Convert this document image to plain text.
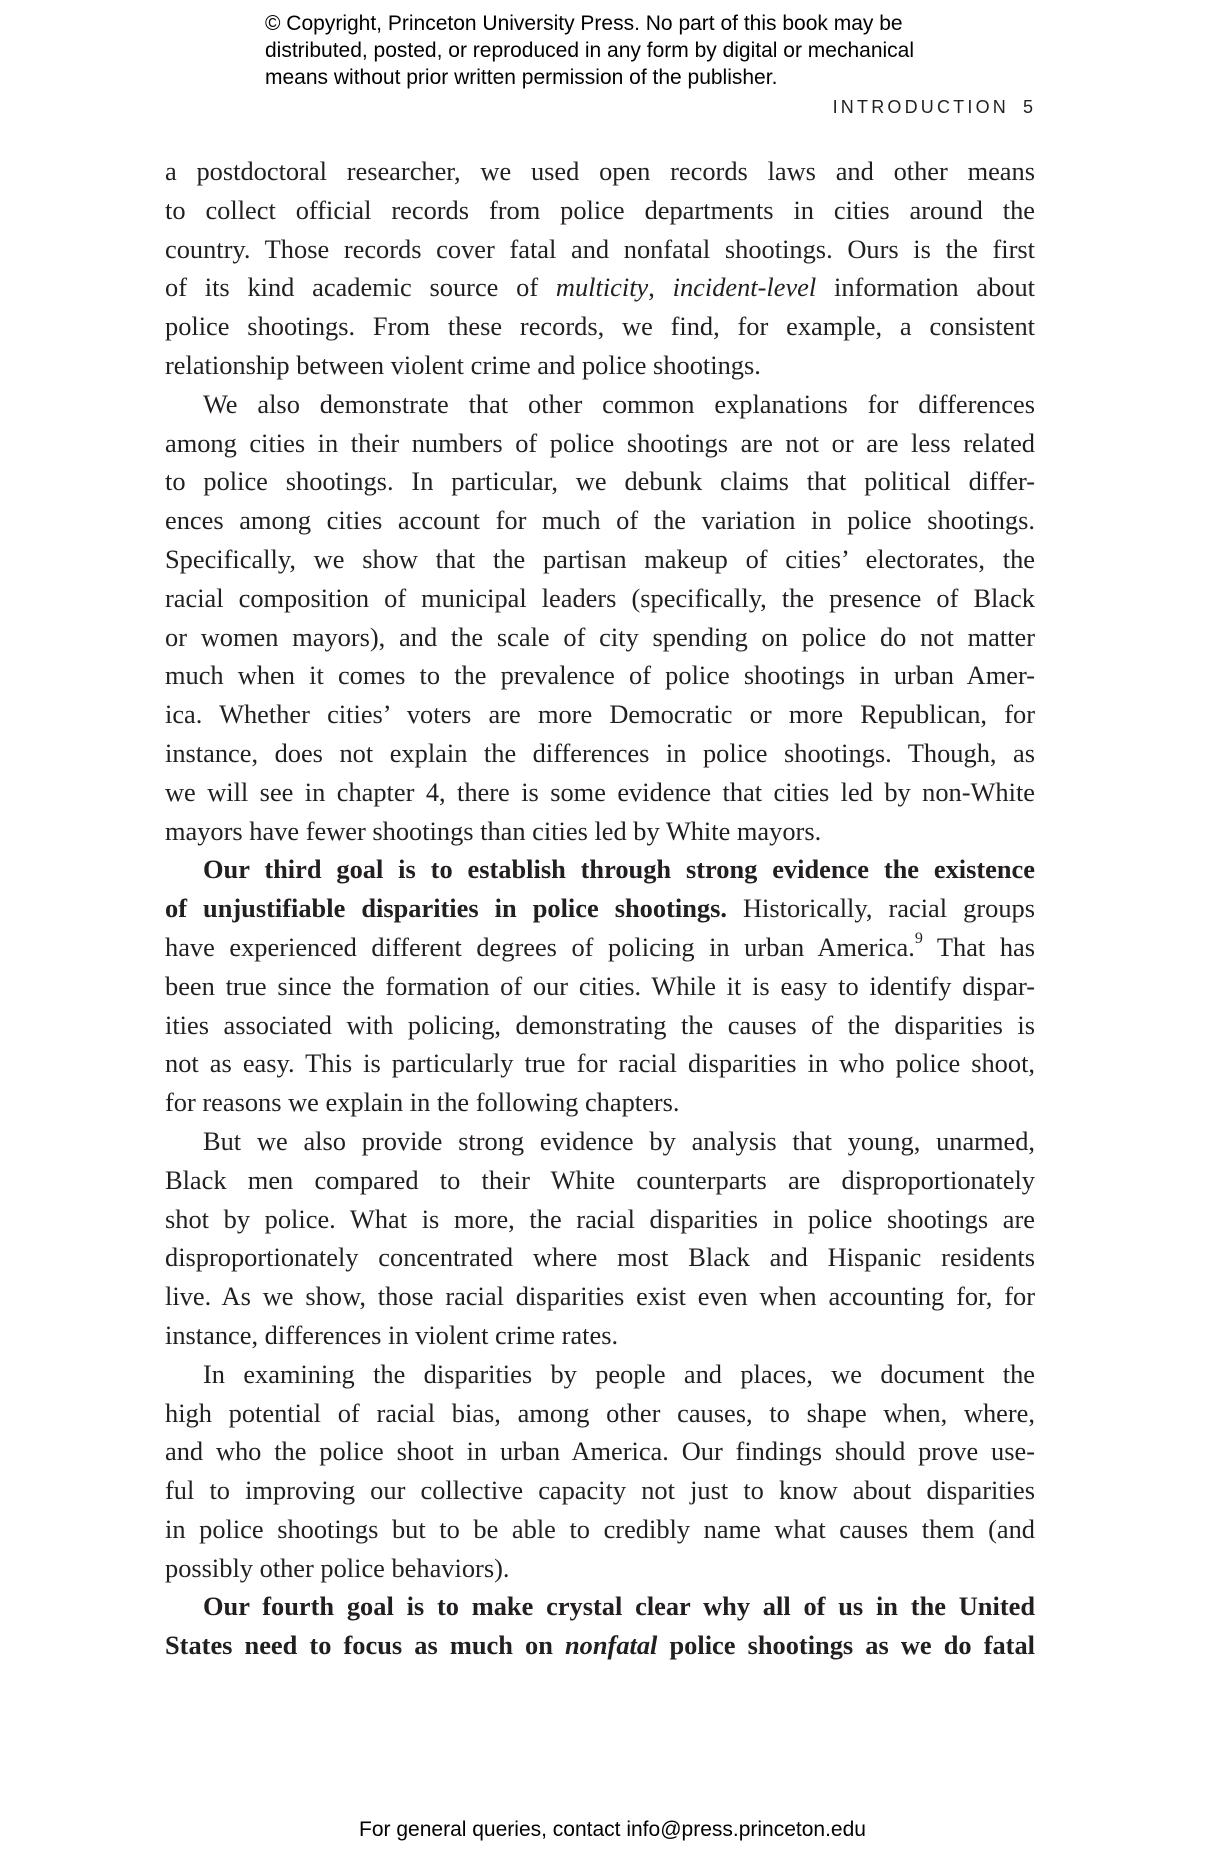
© Copyright, Princeton University Press. No part of this book may be
distributed, posted, or reproduced in any form by digital or mechanical
means without prior written permission of the publisher.
INTRODUCTION 5
a postdoctoral researcher, we used open records laws and other means
to collect official records from police departments in cities around the
country. Those records cover fatal and nonfatal shootings. Ours is the first
of its kind academic source of multicity, incident-level information about
police shootings. From these records, we find, for example, a consistent
relationship between violent crime and police shootings.
We also demonstrate that other common explanations for differences
among cities in their numbers of police shootings are not or are less related
to police shootings. In particular, we debunk claims that political differ-
ences among cities account for much of the variation in police shootings.
Specifically, we show that the partisan makeup of cities’ electorates, the
racial composition of municipal leaders (specifically, the presence of Black
or women mayors), and the scale of city spending on police do not matter
much when it comes to the prevalence of police shootings in urban Amer-
ica. Whether cities’ voters are more Democratic or more Republican, for
instance, does not explain the differences in police shootings. Though, as
we will see in chapter 4, there is some evidence that cities led by non-White
mayors have fewer shootings than cities led by White mayors.
Our third goal is to establish through strong evidence the existence
of unjustifiable disparities in police shootings. Historically, racial groups
have experienced different degrees of policing in urban America.$^9$ That has
been true since the formation of our cities. While it is easy to identify dispar-
ities associated with policing, demonstrating the causes of the disparities is
not as easy. This is particularly true for racial disparities in who police shoot,
for reasons we explain in the following chapters.
But we also provide strong evidence by analysis that young, unarmed,
Black men compared to their White counterparts are disproportionately
shot by police. What is more, the racial disparities in police shootings are
disproportionately concentrated where most Black and Hispanic residents
live. As we show, those racial disparities exist even when accounting for, for
instance, differences in violent crime rates.
In examining the disparities by people and places, we document the
high potential of racial bias, among other causes, to shape when, where,
and who the police shoot in urban America. Our findings should prove use-
ful to improving our collective capacity not just to know about disparities
in police shootings but to be able to credibly name what causes them (and
possibly other police behaviors).
Our fourth goal is to make crystal clear why all of us in the United
States need to focus as much on nonfatal police shootings as we do fatal
For general queries, contact info@press.princeton.edu
